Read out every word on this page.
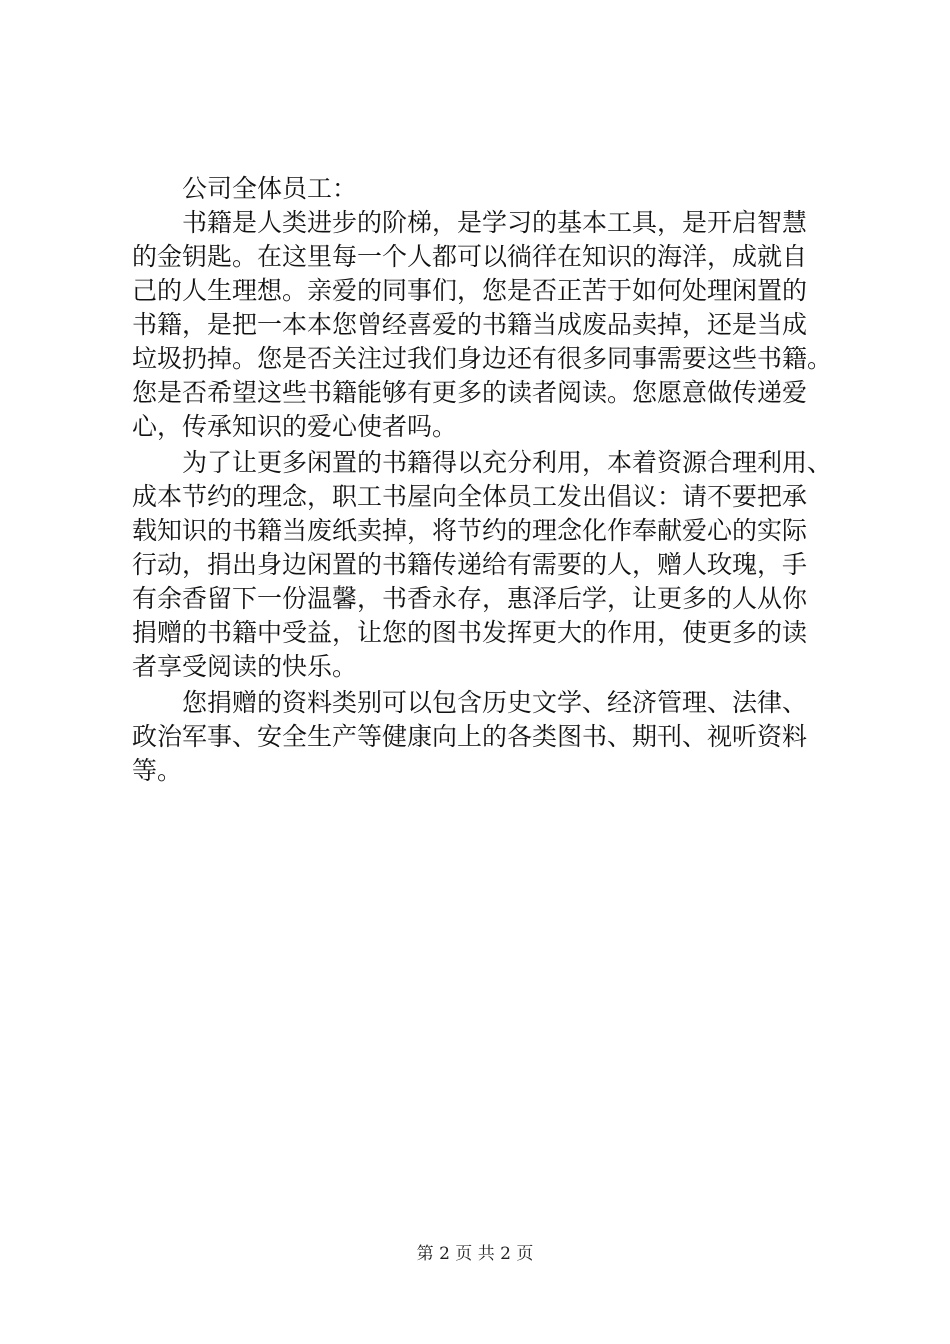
公司全体员工：

书籍是人类进步的阶梯，是学习的基本工具，是开启智慧

的金钥匙。在这里每一个人都可以徜徉在知识的海洋，成就自

己的人生理想。亲爱的同事们，您是否正苦于如何处理闲置的

书籍，是把一本本您曾经喜爱的书籍当成废品卖掉，还是当成

垃圾扔掉。您是否关注过我们身边还有很多同事需要这些书籍。

您是否希望这些书籍能够有更多的读者阅读。您愿意做传递爱

心，传承知识的爱心使者吗。

为了让更多闲置的书籍得以充分利用，本着资源合理利用、

成本节约的理念，职工书屋向全体员工发出倡议：请不要把承

载知识的书籍当废纸卖掉，将节约的理念化作奉献爱心的实际

行动，捐出身边闲置的书籍传递给有需要的人，赠人玫瑰，手

有余香留下一份温馨，书香永存，惠泽后学，让更多的人从你

捐赠的书籍中受益，让您的图书发挥更大的作用，使更多的读

者享受阅读的快乐。

您捐赠的资料类别可以包含历史文学、经济管理、法律、

政治军事、安全生产等健康向上的各类图书、期刊、视听资料

等。

第 2 页 共 2 页
